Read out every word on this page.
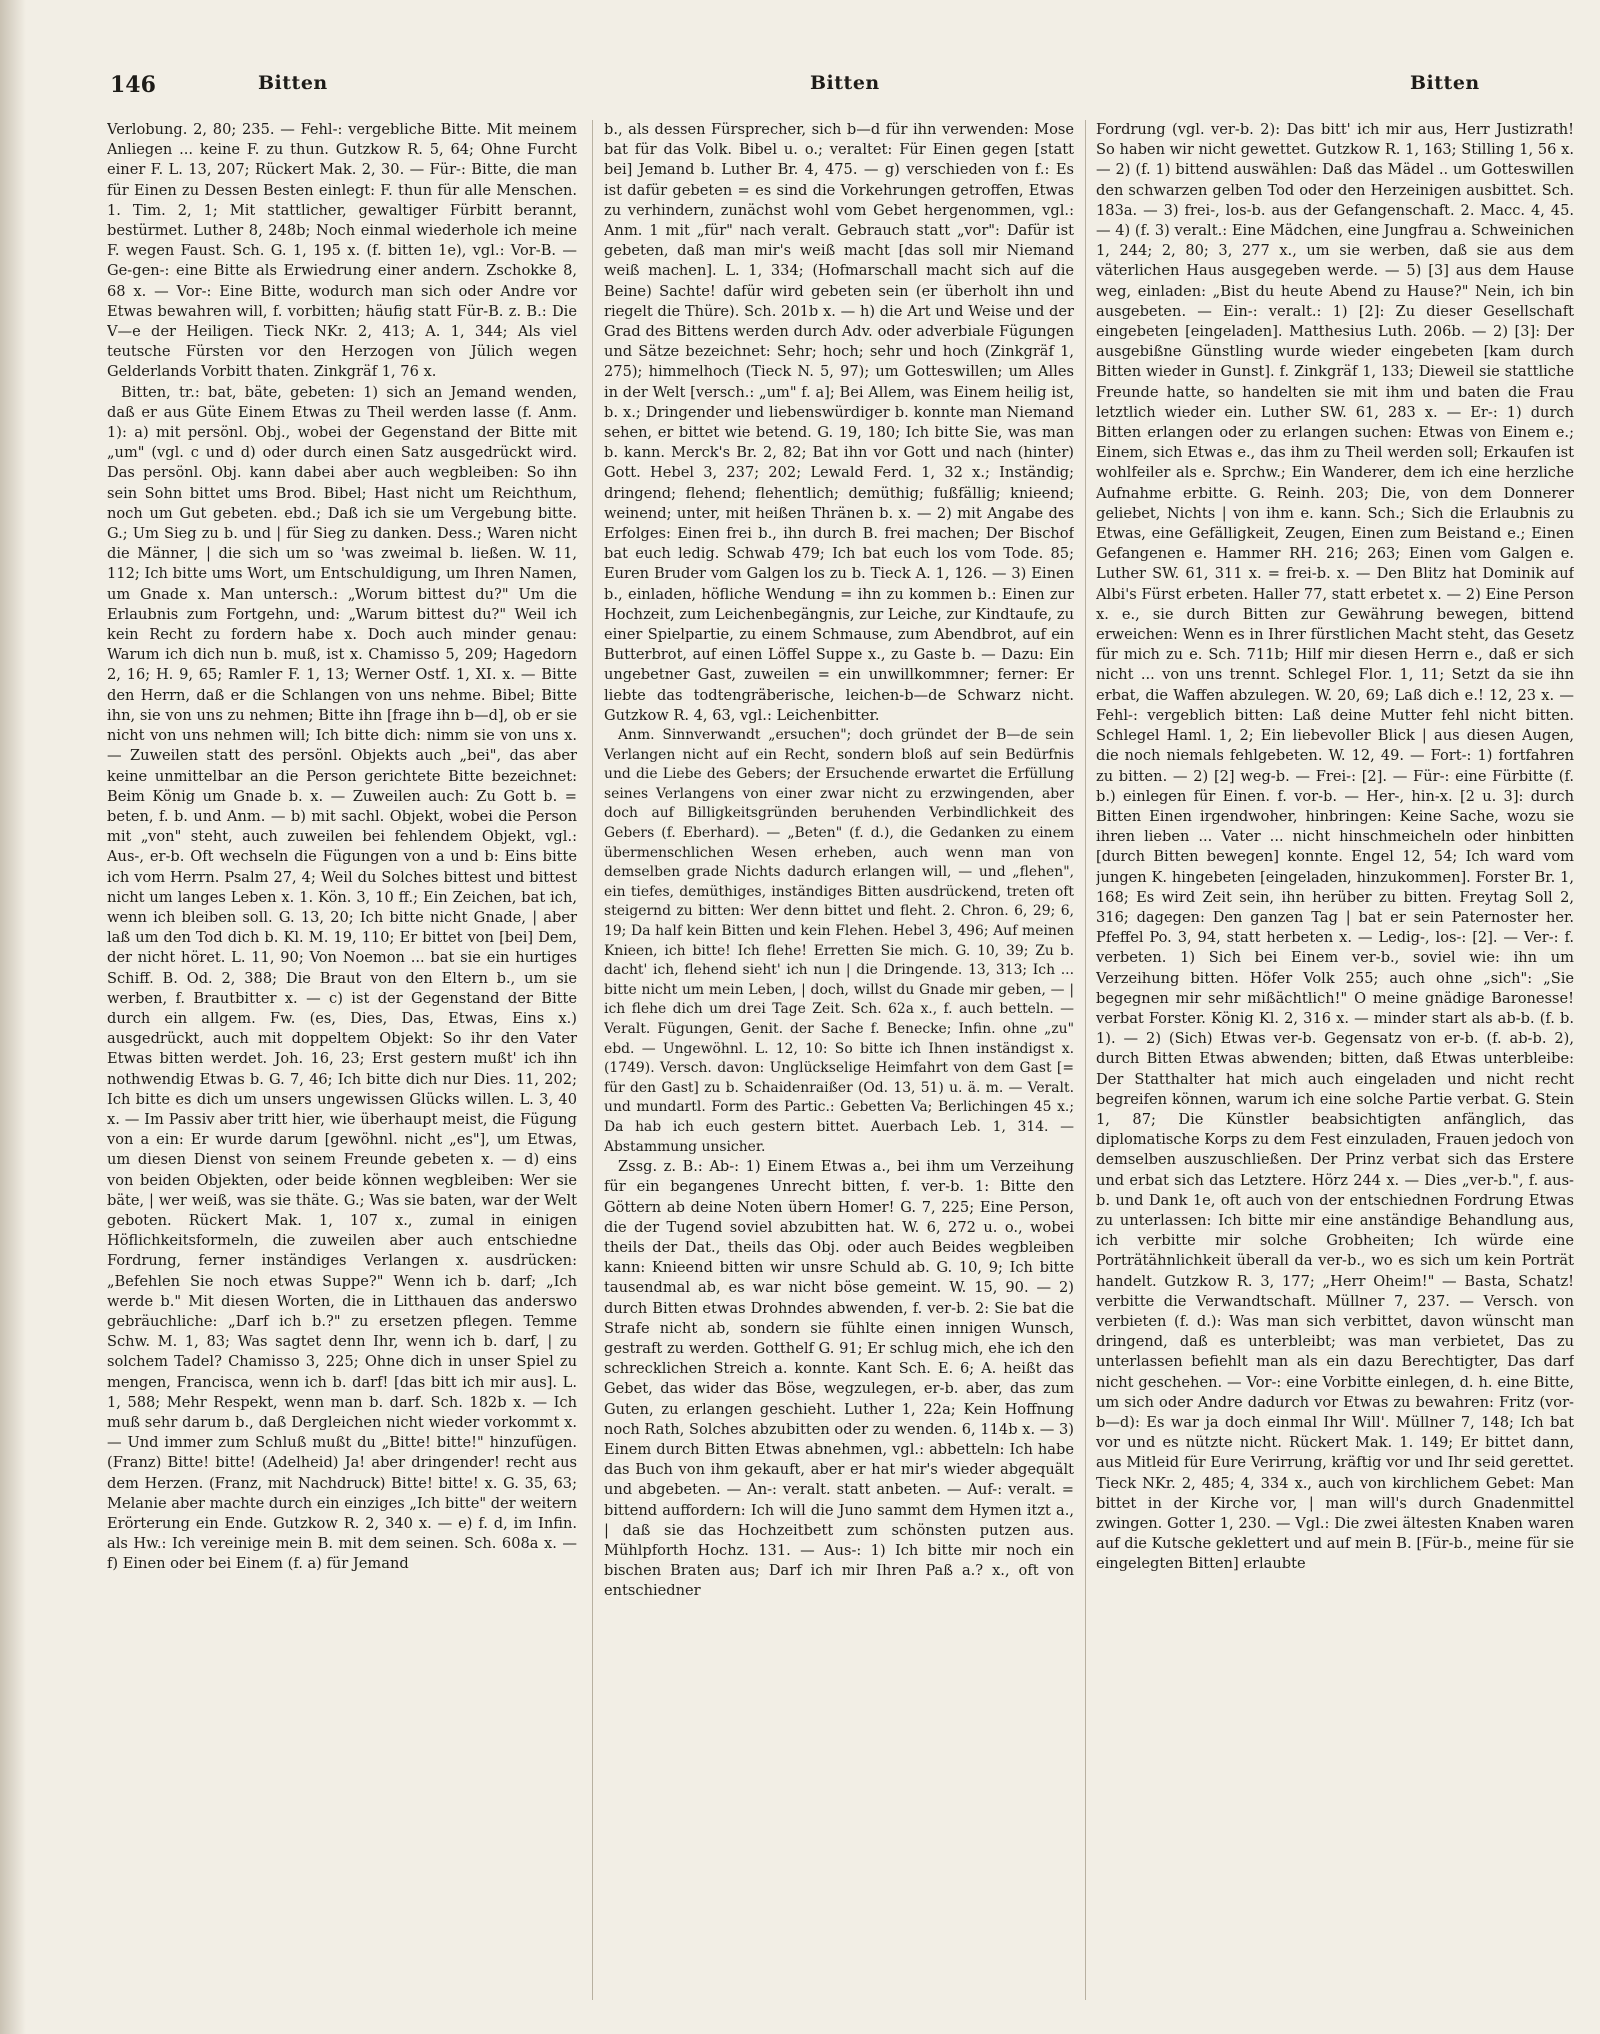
146	Bitten	Bitten	Bitten

Verlobung. 2, 80; 235. — Fehl-: vergebliche Bitte. Mit meinem Anliegen ... keine F. zu thun. Gutzkow R. 5, 64; Ohne Furcht einer F. L. 13, 207; Rückert Mak. 2, 30. — Für-: Bitte, die man für Einen zu Dessen Besten einlegt: F. thun für alle Menschen. 1. Tim. 2, 1; Mit stattlicher, gewaltiger Fürbitt berannt, bestürmet. Luther 8, 248b; Noch einmal wiederhole ich meine F. wegen Faust. Sch. G. 1, 195 x. (f. bitten 1e), vgl.: Vor-B. — Ge-gen-: eine Bitte als Erwiedrung einer andern. Zschokke 8, 68 x. — Vor-: Eine Bitte, wodurch man sich oder Andre vor Etwas bewahren will, f. vorbitten; häufig statt Für-B. z. B.: Die V—e der Heiligen. Tieck NKr. 2, 413; A. 1, 344; Als viel teutsche Fürsten vor den Herzogen von Jülich wegen Gelderlands Vorbitt thaten. Zinkgräf 1, 76 x.

Bitten, tr.: bat, bäte, gebeten: 1) sich an Jemand wenden, daß er aus Güte Einem Etwas zu Theil werden lasse (f. Anm. 1): a) mit persönl. Obj., wobei der Gegenstand der Bitte mit „um" (vgl. c und d) oder durch einen Satz ausgedrückt wird. Das persönl. Obj. kann dabei aber auch wegbleiben: So ihn sein Sohn bittet ums Brod. Bibel; Hast nicht um Reichthum, noch um Gut gebeten. ebd.; Daß ich sie um Vergebung bitte. G.; Um Sieg zu b. und | für Sieg zu danken. Dess.; Waren nicht die Männer, | die sich um so 'was zweimal b. ließen. W. 11, 112; Ich bitte ums Wort, um Entschuldigung, um Ihren Namen, um Gnade x. Man untersch.: „Worum bittest du?" Um die Erlaubnis zum Fortgehn, und: „Warum bittest du?" Weil ich kein Recht zu fordern habe x. Doch auch minder genau: Warum ich dich nun b. muß, ist x. Chamisso 5, 209; Hagedorn 2, 16; H. 9, 65; Ramler F. 1, 13; Werner Ostf. 1, XI. x. — Bitte den Herrn, daß er die Schlangen von uns nehme. Bibel; Bitte ihn, sie von uns zu nehmen; Bitte ihn [frage ihn b—d], ob er sie nicht von uns nehmen will; Ich bitte dich: nimm sie von uns x. — Zuweilen statt des persönl. Objekts auch „bei", das aber keine unmittelbar an die Person gerichtete Bitte bezeichnet: Beim König um Gnade b. x. — Zuweilen auch: Zu Gott b. = beten, f. b. und Anm. — b) mit sachl. Objekt, wobei die Person mit „von" steht, auch zuweilen bei fehlendem Objekt, vgl.: Aus-, er-b. Oft wechseln die Fügungen von a und b: Eins bitte ich vom Herrn. Psalm 27, 4; Weil du Solches bittest und bittest nicht um langes Leben x. 1. Kön. 3, 10 ff.; Ein Zeichen, bat ich, wenn ich bleiben soll. G. 13, 20; Ich bitte nicht Gnade, | aber laß um den Tod dich b. Kl. M. 19, 110; Er bittet von [bei] Dem, der nicht höret. L. 11, 90; Von Noemon ... bat sie ein hurtiges Schiff. B. Od. 2, 388; Die Braut von den Eltern b., um sie werben, f. Brautbitter x. — c) ist der Gegenstand der Bitte durch ein allgem. Fw. (es, Dies, Das, Etwas, Eins x.) ausgedrückt, auch mit doppeltem Objekt: So ihr den Vater Etwas bitten werdet. Joh. 16, 23; Erst gestern mußt' ich ihn nothwendig Etwas b. G. 7, 46; Ich bitte dich nur Dies. 11, 202; Ich bitte es dich um unsers ungewissen Glücks willen. L. 3, 40 x. — Im Passiv aber tritt hier, wie überhaupt meist, die Fügung von a ein: Er wurde darum [gewöhnl. nicht „es"], um Etwas, um diesen Dienst von seinem Freunde gebeten x. — d) eins von beiden Objekten, oder beide können wegbleiben: Wer sie bäte, | wer weiß, was sie thäte. G.; Was sie baten, war der Welt geboten. Rückert Mak. 1, 107 x., zumal in einigen Höflichkeitsformeln, die zuweilen aber auch entschiedne Fordrung, ferner inständiges Verlangen x. ausdrücken: „Befehlen Sie noch etwas Suppe?" Wenn ich b. darf; „Ich werde b." Mit diesen Worten, die in Litthauen das anderswo gebräuchliche: „Darf ich b.?" zu ersetzen pflegen. Temme Schw. M. 1, 83; Was sagtet denn Ihr, wenn ich b. darf, | zu solchem Tadel? Chamisso 3, 225; Ohne dich in unser Spiel zu mengen, Francisca, wenn ich b. darf! [das bitt ich mir aus]. L. 1, 588; Mehr Respekt, wenn man b. darf. Sch. 182b x. — Ich muß sehr darum b., daß Dergleichen nicht wieder vorkommt x. — Und immer zum Schluß mußt du „Bitte! bitte!" hinzufügen. (Franz) Bitte! bitte! (Adelheid) Ja! aber dringender! recht aus dem Herzen. (Franz, mit Nachdruck) Bitte! bitte! x. G. 35, 63; Melanie aber machte durch ein einziges „Ich bitte" der weitern Erörterung ein Ende. Gutzkow R. 2, 340 x. — e) f. d, im Infin. als Hw.: Ich vereinige mein B. mit dem seinen. Sch. 608a x. — f) Einen oder bei Einem (f. a) für Jemand

b., als dessen Fürsprecher, sich b—d für ihn verwenden: Mose bat für das Volk. Bibel u. o.; veraltet: Für Einen gegen [statt bei] Jemand b. Luther Br. 4, 475. — g) verschieden von f.: Es ist dafür gebeten = es sind die Vorkehrungen getroffen, Etwas zu verhindern, zunächst wohl vom Gebet hergenommen, vgl.: Anm. 1 mit „für" nach veralt. Gebrauch statt „vor": Dafür ist gebeten, daß man mir's weiß macht [das soll mir Niemand weiß machen]. L. 1, 334; (Hofmarschall macht sich auf die Beine) Sachte! dafür wird gebeten sein (er überholt ihn und riegelt die Thüre). Sch. 201b x. — h) die Art und Weise und der Grad des Bittens werden durch Adv. oder adverbiale Fügungen und Sätze bezeichnet: Sehr; hoch; sehr und hoch (Zinkgräf 1, 275); himmelhoch (Tieck N. 5, 97); um Gotteswillen; um Alles in der Welt [versch.: „um" f. a]; Bei Allem, was Einem heilig ist, b. x.; Dringender und liebenswürdiger b. konnte man Niemand sehen, er bittet wie betend. G. 19, 180; Ich bitte Sie, was man b. kann. Merck's Br. 2, 82; Bat ihn vor Gott und nach (hinter) Gott. Hebel 3, 237; 202; Lewald Ferd. 1, 32 x.; Inständig; dringend; flehend; flehentlich; demüthig; fußfällig; knieend; weinend; unter, mit heißen Thränen b. x. — 2) mit Angabe des Erfolges: Einen frei b., ihn durch B. frei machen; Der Bischof bat euch ledig. Schwab 479; Ich bat euch los vom Tode. 85; Euren Bruder vom Galgen los zu b. Tieck A. 1, 126. — 3) Einen b., einladen, höfliche Wendung = ihn zu kommen b.: Einen zur Hochzeit, zum Leichenbegängnis, zur Leiche, zur Kindtaufe, zu einer Spielpartie, zu einem Schmause, zum Abendbrot, auf ein Butterbrot, auf einen Löffel Suppe x., zu Gaste b. — Dazu: Ein ungebetner Gast, zuweilen = ein unwillkommner; ferner: Er liebte das todtengräberische, leichen-b—de Schwarz nicht. Gutzkow R. 4, 63, vgl.: Leichenbitter.

Anm. Sinnverwandt „ersuchen"; doch gründet der B—de sein Verlangen nicht auf ein Recht, sondern bloß auf sein Bedürfnis und die Liebe des Gebers; der Ersuchende erwartet die Erfüllung seines Verlangens von einer zwar nicht zu erzwingenden, aber doch auf Billigkeitsgründen beruhenden Verbindlichkeit des Gebers (f. Eberhard). — „Beten" (f. d.), die Gedanken zu einem übermenschlichen Wesen erheben, auch wenn man von demselben grade Nichts dadurch erlangen will, — und „flehen", ein tiefes, demüthiges, inständiges Bitten ausdrückend, treten oft steigernd zu bitten: Wer denn bittet und fleht. 2. Chron. 6, 29; 6, 19; Da half kein Bitten und kein Flehen. Hebel 3, 496; Auf meinen Knieen, ich bitte! Ich flehe! Erretten Sie mich. G. 10, 39; Zu b. dacht' ich, flehend sieht' ich nun | die Dringende. 13, 313; Ich ... bitte nicht um mein Leben, | doch, willst du Gnade mir geben, — | ich flehe dich um drei Tage Zeit. Sch. 62a x., f. auch betteln. — Veralt. Fügungen, Genit. der Sache f. Benecke; Infin. ohne „zu" ebd. — Ungewöhnl. L. 12, 10: So bitte ich Ihnen inständigst x. (1749). Versch. davon: Unglückselige Heimfahrt von dem Gast [= für den Gast] zu b. Schaidenraißer (Od. 13, 51) u. ä. m. — Veralt. und mundartl. Form des Partic.: Gebetten Va; Berlichingen 45 x.; Da hab ich euch gestern bittet. Auerbach Leb. 1, 314. — Abstammung unsicher.

Zssg. z. B.: Ab-: 1) Einem Etwas a., bei ihm um Verzeihung für ein begangenes Unrecht bitten, f. ver-b. 1: Bitte den Göttern ab deine Noten übern Homer! G. 7, 225; Eine Person, die der Tugend soviel abzubitten hat. W. 6, 272 u. o., wobei theils der Dat., theils das Obj. oder auch Beides wegbleiben kann: Knieend bitten wir unsre Schuld ab. G. 10, 9; Ich bitte tausendmal ab, es war nicht böse gemeint. W. 15, 90. — 2) durch Bitten etwas Drohndes abwenden, f. ver-b. 2: Sie bat die Strafe nicht ab, sondern sie fühlte einen innigen Wunsch, gestraft zu werden. Gotthelf G. 91; Er schlug mich, ehe ich den schrecklichen Streich a. konnte. Kant Sch. E. 6; A. heißt das Gebet, das wider das Böse, wegzulegen, er-b. aber, das zum Guten, zu erlangen geschieht. Luther 1, 22a; Kein Hoffnung noch Rath, Solches abzubitten oder zu wenden. 6, 114b x. — 3) Einem durch Bitten Etwas abnehmen, vgl.: abbetteln: Ich habe das Buch von ihm gekauft, aber er hat mir's wieder abgequält und abgebeten. — An-: veralt. statt anbeten. — Auf-: veralt. = bittend auffordern: Ich will die Juno sammt dem Hymen itzt a., | daß sie das Hochzeitbett zum schönsten putzen aus. Mühlpforth Hochz. 131. — Aus-: 1) Ich bitte mir noch ein bischen Braten aus; Darf ich mir Ihren Paß a.? x., oft von entschiedner

Fordrung (vgl. ver-b. 2): Das bitt' ich mir aus, Herr Justizrath! So haben wir nicht gewettet. Gutzkow R. 1, 163; Stilling 1, 56 x. — 2) (f. 1) bittend auswählen: Daß das Mädel .. um Gotteswillen den schwarzen gelben Tod oder den Herzeinigen ausbittet. Sch. 183a. — 3) frei-, los-b. aus der Gefangenschaft. 2. Macc. 4, 45. — 4) (f. 3) veralt.: Eine Mädchen, eine Jungfrau a. Schweinichen 1, 244; 2, 80; 3, 277 x., um sie werben, daß sie aus dem väterlichen Haus ausgegeben werde. — 5) [3] aus dem Hause weg, einladen: „Bist du heute Abend zu Hause?" Nein, ich bin ausgebeten. — Ein-: veralt.: 1) [2]: Zu dieser Gesellschaft eingebeten [eingeladen]. Matthesius Luth. 206b. — 2) [3]: Der ausgebißne Günstling wurde wieder eingebeten [kam durch Bitten wieder in Gunst]. f. Zinkgräf 1, 133; Dieweil sie stattliche Freunde hatte, so handelten sie mit ihm und baten die Frau letztlich wieder ein. Luther SW. 61, 283 x. — Er-: 1) durch Bitten erlangen oder zu erlangen suchen: Etwas von Einem e.; Einem, sich Etwas e., das ihm zu Theil werden soll; Erkaufen ist wohlfeiler als e. Sprchw.; Ein Wanderer, dem ich eine herzliche Aufnahme erbitte. G. Reinh. 203; Die, von dem Donnerer geliebet, Nichts | von ihm e. kann. Sch.; Sich die Erlaubnis zu Etwas, eine Gefälligkeit, Zeugen, Einen zum Beistand e.; Einen Gefangenen e. Hammer RH. 216; 263; Einen vom Galgen e. Luther SW. 61, 311 x. = frei-b. x. — Den Blitz hat Dominik auf Albi's Fürst erbeten. Haller 77, statt erbetet x. — 2) Eine Person x. e., sie durch Bitten zur Gewährung bewegen, bittend erweichen: Wenn es in Ihrer fürstlichen Macht steht, das Gesetz für mich zu e. Sch. 711b; Hilf mir diesen Herrn e., daß er sich nicht ... von uns trennt. Schlegel Flor. 1, 11; Setzt da sie ihn erbat, die Waffen abzulegen. W. 20, 69; Laß dich e.! 12, 23 x. — Fehl-: vergeblich bitten: Laß deine Mutter fehl nicht bitten. Schlegel Haml. 1, 2; Ein liebevoller Blick | aus diesen Augen, die noch niemals fehlgebeten. W. 12, 49. — Fort-: 1) fortfahren zu bitten. — 2) [2] weg-b. — Frei-: [2]. — Für-: eine Fürbitte (f. b.) einlegen für Einen. f. vor-b. — Her-, hin-x. [2 u. 3]: durch Bitten Einen irgendwoher, hinbringen: Keine Sache, wozu sie ihren lieben ... Vater ... nicht hinschmeicheln oder hinbitten [durch Bitten bewegen] konnte. Engel 12, 54; Ich ward vom jungen K. hingebeten [eingeladen, hinzukommen]. Forster Br. 1, 168; Es wird Zeit sein, ihn herüber zu bitten. Freytag Soll 2, 316; dagegen: Den ganzen Tag | bat er sein Paternoster her. Pfeffel Po. 3, 94, statt herbeten x. — Ledig-, los-: [2]. — Ver-: f. verbeten. 1) Sich bei Einem ver-b., soviel wie: ihn um Verzeihung bitten. Höfer Volk 255; auch ohne „sich": „Sie begegnen mir sehr mißächtlich!" O meine gnädige Baronesse! verbat Forster. König Kl. 2, 316 x. — minder start als ab-b. (f. b. 1). — 2) (Sich) Etwas ver-b. Gegensatz von er-b. (f. ab-b. 2), durch Bitten Etwas abwenden; bitten, daß Etwas unterbleibe: Der Statthalter hat mich auch eingeladen und nicht recht begreifen können, warum ich eine solche Partie verbat. G. Stein 1, 87; Die Künstler beabsichtigten anfänglich, das diplomatische Korps zu dem Fest einzuladen, Frauen jedoch von demselben auszuschließen. Der Prinz verbat sich das Erstere und erbat sich das Letztere. Hörz 244 x. — Dies „ver-b.", f. aus-b. und Dank 1e, oft auch von der entschiednen Fordrung Etwas zu unterlassen: Ich bitte mir eine anständige Behandlung aus, ich verbitte mir solche Grobheiten; Ich würde eine Porträtähnlichkeit überall da ver-b., wo es sich um kein Porträt handelt. Gutzkow R. 3, 177; „Herr Oheim!" — Basta, Schatz! verbitte die Verwandtschaft. Müllner 7, 237. — Versch. von verbieten (f. d.): Was man sich verbittet, davon wünscht man dringend, daß es unterbleibt; was man verbietet, Das zu unterlassen befiehlt man als ein dazu Berechtigter, Das darf nicht geschehen. — Vor-: eine Vorbitte einlegen, d. h. eine Bitte, um sich oder Andre dadurch vor Etwas zu bewahren: Fritz (vor-b—d): Es war ja doch einmal Ihr Will'. Müllner 7, 148; Ich bat vor und es nützte nicht. Rückert Mak. 1. 149; Er bittet dann, aus Mitleid für Eure Verirrung, kräftig vor und Ihr seid gerettet. Tieck NKr. 2, 485; 4, 334 x., auch von kirchlichem Gebet: Man bittet in der Kirche vor, | man will's durch Gnadenmittel zwingen. Gotter 1, 230. — Vgl.: Die zwei ältesten Knaben waren auf die Kutsche geklettert und auf mein B. [Für-b., meine für sie eingelegten Bitten] erlaubte
